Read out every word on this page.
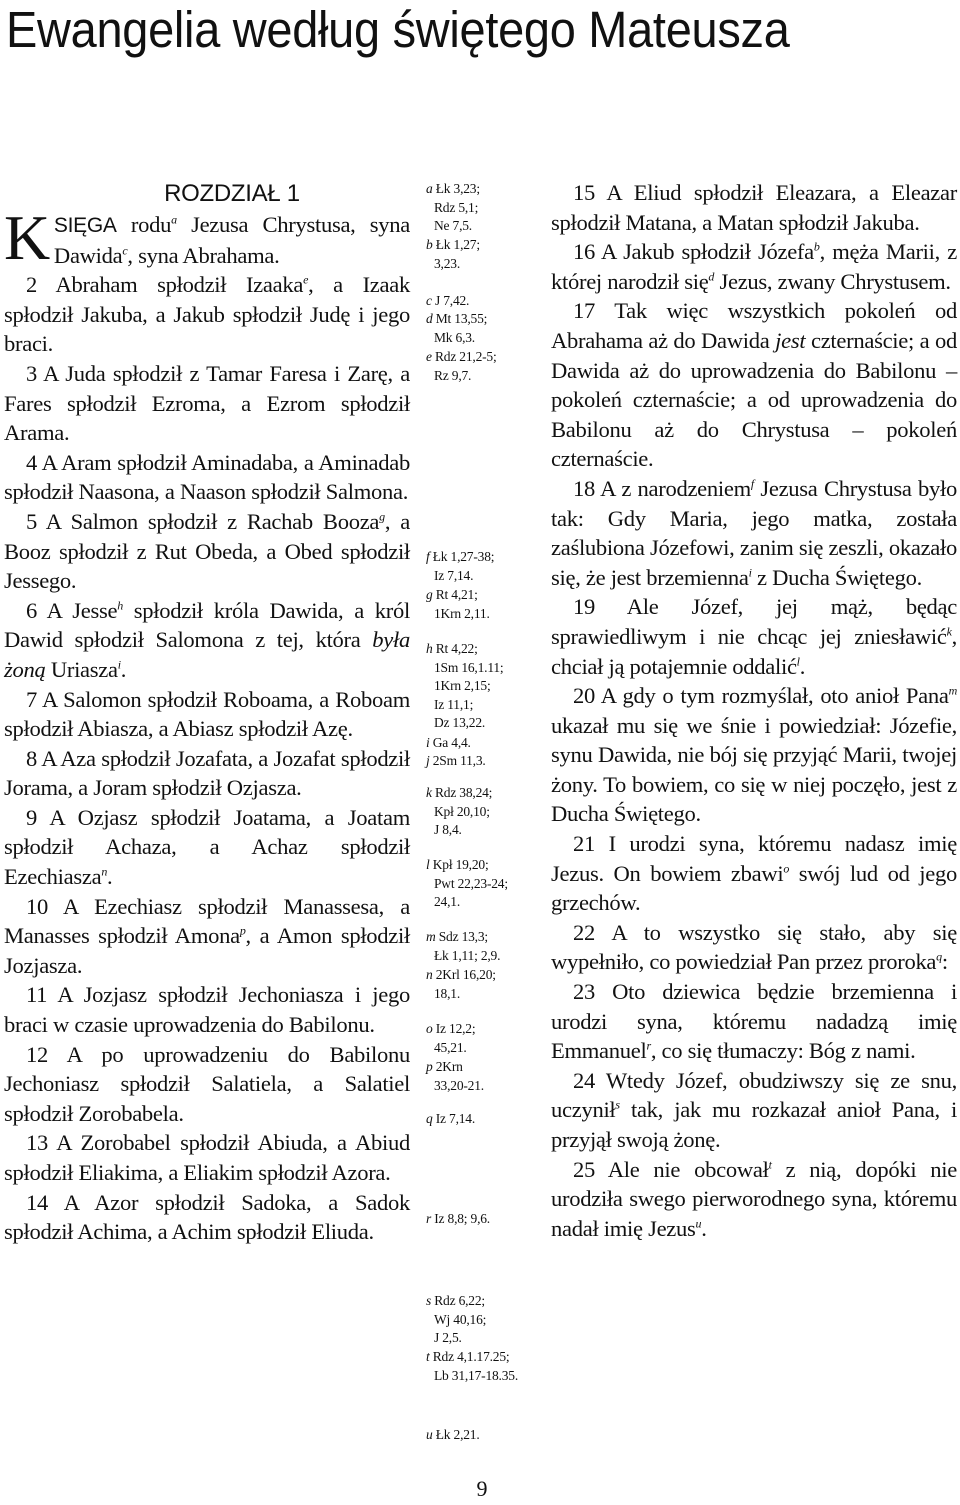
Ewangelia według świętego Mateusza
ROZDZIAŁ 1

KSIĘGA rodu$^a$ Jezusa Chrystusa, syna Dawida$^c$, syna Abrahama.

2 Abraham spłodził Izaaka$^e$, a Izaak spłodził Jakuba, a Jakub spłodził Judę i jego braci.

3 A Juda spłodził z Tamar Faresa i Zarę, a Fares spłodził Ezroma, a Ezrom spłodził Arama.

4 A Aram spłodził Aminadaba, a Aminadab spłodził Naasona, a Naason spłodził Salmona.

5 A Salmon spłodził z Rachab Booza$^g$, a Booz spłodził z Rut Obeda, a Obed spłodził Jessego.

6 A Jesse$^h$ spłodził króla Dawida, a król Dawid spłodził Salomona z tej, która była żoną Uriasza$^i$.

7 A Salomon spłodził Roboama, a Roboam spłodził Abiasza, a Abiasz spłodził Azę.

8 A Aza spłodził Jozafata, a Jozafat spłodził Jorama, a Joram spłodził Ozjasza.

9 A Ozjasz spłodził Joatama, a Joatam spłodził Achaza, a Achaz spłodził Ezechiasza$^n$.

10 A Ezechiasz spłodził Manassesa, a Manasses spłodził Amona$^p$, a Amon spłodził Jozjasza.

11 A Jozjasz spłodził Jechoniasza i jego braci w czasie uprowadzenia do Babilonu.

12 A po uprowadzeniu do Babilonu Jechoniasz spłodził Salatiela, a Salatiel spłodził Zorobabela.

13 A Zorobabel spłodził Abiuda, a Abiud spłodził Eliakima, a Eliakim spłodził Azora.

14 A Azor spłodził Sadoka, a Sadok spłodził Achima, a Achim spłodził Eliuda.

a Łk 3,23;
Rdz 5,1;
Ne 7,5.
b Łk 1,27;
3,23.
c J 7,42.
d Mt 13,55;
Mk 6,3.
e Rdz 21,2-5;
Rz 9,7.
f Łk 1,27-38;
Iz 7,14.
g Rt 4,21;
1Krn 2,11.
h Rt 4,22;
1Sm 16,1.11;
1Krn 2,15;
Iz 11,1;
Dz 13,22.
i Ga 4,4.
j 2Sm 11,3.
k Rdz 38,24;
Kpł 20,10;
J 8,4.
l Kpł 19,20;
Pwt 22,23-24;
24,1.
m Sdz 13,3;
Łk 1,11; 2,9.
n 2Krl 16,20;
18,1.
o Iz 12,2;
45,21.
p 2Krn
33,20-21.
q Iz 7,14.
r Iz 8,8; 9,6.
s Rdz 6,22;
Wj 40,16;
J 2,5.
t Rdz 4,1.17.25;
Lb 31,17-18.35.
u Łk 2,21.

15 A Eliud spłodził Eleazara, a Eleazar spłodził Matana, a Matan spłodził Jakuba.

16 A Jakub spłodził Józefa$^b$, męża Marii, z której narodził się$^d$ Jezus, zwany Chrystusem.

17 Tak więc wszystkich pokoleń od Abrahama aż do Dawida jest czternaście; a od Dawida aż do uprowadzenia do Babilonu – pokoleń czternaście; a od uprowadzenia do Babilonu aż do Chrystusa – pokoleń czternaście.

18 A z narodzeniem$^f$ Jezusa Chrystusa było tak: Gdy Maria, jego matka, została zaślubiona Józefowi, zanim się zeszli, okazało się, że jest brzemienna$^i$ z Ducha Świętego.

19 Ale Józef, jej mąż, będąc sprawiedliwym i nie chcąc jej zniesławić$^k$, chciał ją potajemnie oddalić$^l$.

20 A gdy o tym rozmyślał, oto anioł Pana$^m$ ukazał mu się we śnie i powiedział: Józefie, synu Dawida, nie bój się przyjąć Marii, twojej żony. To bowiem, co się w niej poczęło, jest z Ducha Świętego.

21 I urodzi syna, któremu nadasz imię Jezus. On bowiem zbawi$^o$ swój lud od jego grzechów.

22 A to wszystko się stało, aby się wypełniło, co powiedział Pan przez proroka$^q$:

23 Oto dziewica będzie brzemienna i urodzi syna, któremu nadadzą imię Emmanuel$^r$, co się tłumaczy: Bóg z nami.

24 Wtedy Józef, obudziwszy się ze snu, uczynił$^s$ tak, jak mu rozkazał anioł Pana, i przyjął swoją żonę.

25 Ale nie obcował$^t$ z nią, dopóki nie urodziła swego pierworodnego syna, któremu nadał imię Jezus$^u$.

9
